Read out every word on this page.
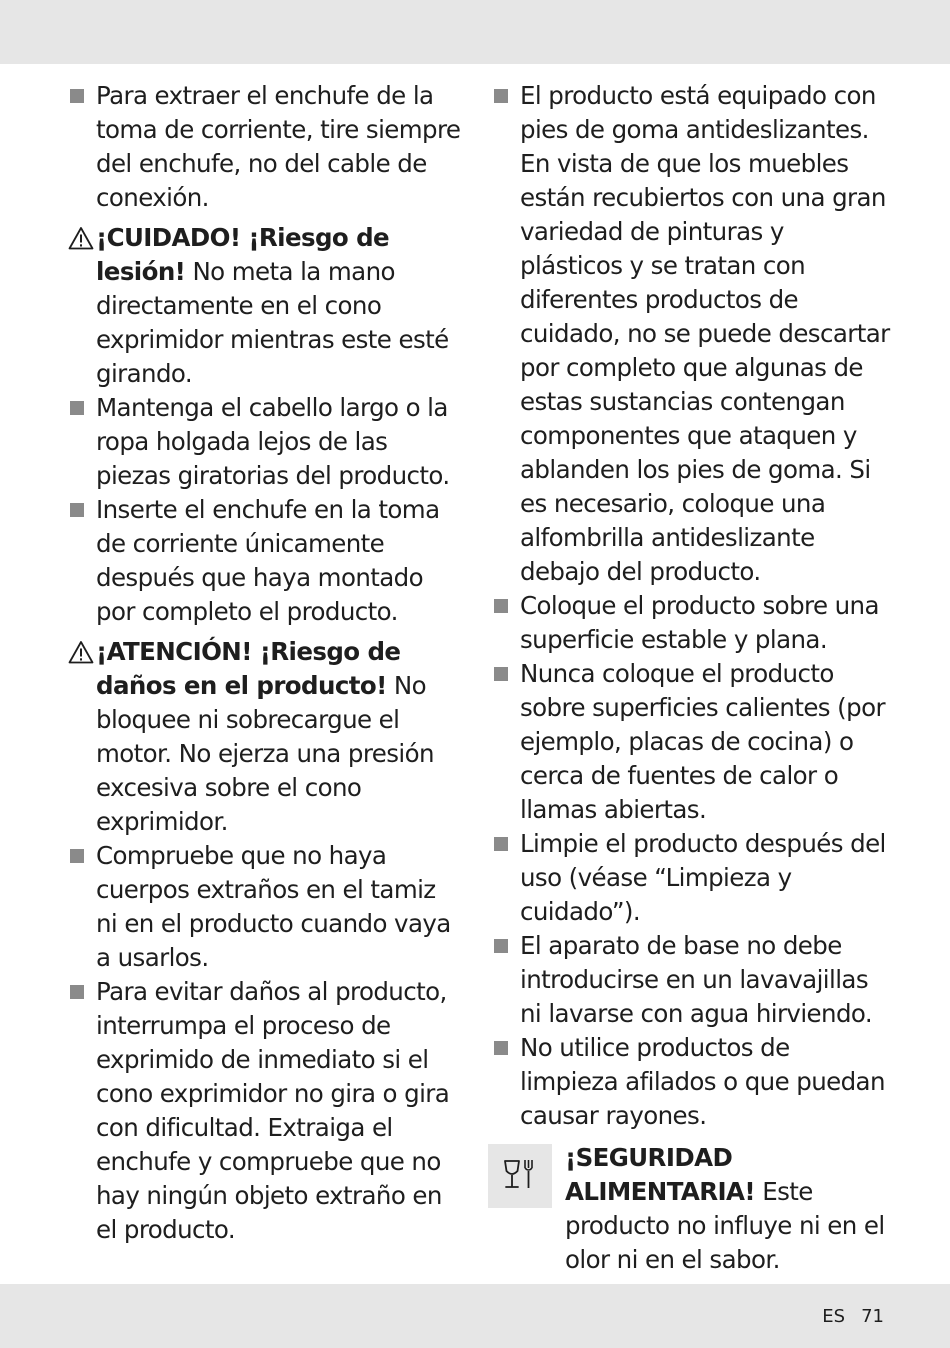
Para extraer el enchufe de la toma de corriente, tire siempre del enchufe, no del cable de conexión.
¡CUIDADO! ¡Riesgo de lesión! No meta la mano directamente en el cono exprimidor mientras este esté girando.
Mantenga el cabello largo o la ropa holgada lejos de las piezas giratorias del producto.
Inserte el enchufe en la toma de corriente únicamente después que haya montado por completo el producto.
¡ATENCIÓN! ¡Riesgo de daños en el producto! No bloquee ni sobrecargue el motor. No ejerza una presión excesiva sobre el cono exprimidor.
Compruebe que no haya cuerpos extraños en el tamiz ni en el producto cuando vaya a usarlos.
Para evitar daños al producto, interrumpa el proceso de exprimido de inmediato si el cono exprimidor no gira o gira con dificultad. Extraiga el enchufe y compruebe que no hay ningún objeto extraño en el producto.
El producto está equipado con pies de goma antideslizantes. En vista de que los muebles están recubiertos con una gran variedad de pinturas y plásticos y se tratan con diferentes productos de cuidado, no se puede descartar por completo que algunas de estas sustancias contengan componentes que ataquen y ablanden los pies de goma. Si es necesario, coloque una alfombrilla antideslizante debajo del producto.
Coloque el producto sobre una superficie estable y plana.
Nunca coloque el producto sobre superficies calientes (por ejemplo, placas de cocina) o cerca de fuentes de calor o llamas abiertas.
Limpie el producto después del uso (véase “Limpieza y cuidado”).
El aparato de base no debe introducirse en un lavavajillas ni lavarse con agua hirviendo.
No utilice productos de limpieza afilados o que puedan causar rayones.
¡SEGURIDAD ALIMENTARIA! Este producto no influye ni en el olor ni en el sabor.
ES 71
